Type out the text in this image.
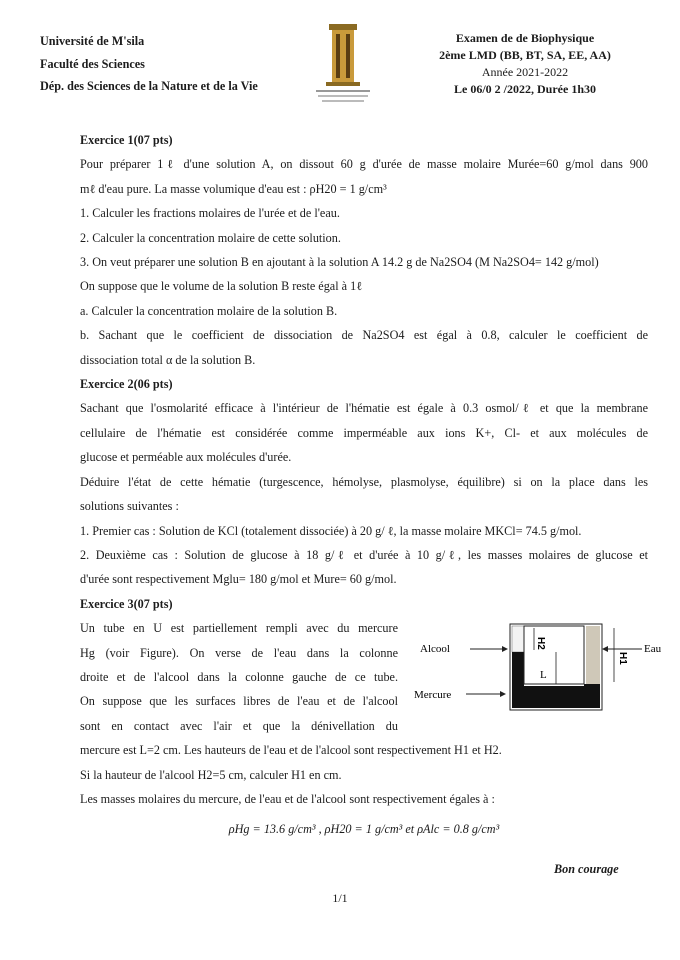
Université de M'sila
Faculté des Sciences
Dép. des Sciences de la Nature et de la Vie
Examen de de Biophysique
2ème LMD (BB, BT, SA, EE, AA)
Année 2021-2022
Le 06/0 2 /2022, Durée 1h30

Exercice 1(07 pts)

Pour préparer 1ℓ d'une solution A, on dissout 60 g d'urée de masse molaire Murée=60 g/mol dans 900

mℓ d'eau pure. La masse volumique d'eau est : ρH20 = 1 g/cm³

1. Calculer les fractions molaires de l'urée et de l'eau.

2. Calculer la concentration molaire de cette solution.

3. On veut préparer une solution B en ajoutant à la solution A 14.2 g de Na2SO4 (M Na2SO4= 142 g/mol)

On suppose que le volume de la solution B reste égal à 1ℓ

a. Calculer la concentration molaire de la solution B.

b. Sachant que le coefficient de dissociation de Na2SO4 est égal à 0.8, calculer le coefficient de

dissociation total α de la solution B.

Exercice 2(06 pts)

Sachant que l'osmolarité efficace à l'intérieur de l'hématie est égale à 0.3 osmol/ℓ et que la membrane

cellulaire de l'hématie est considérée comme imperméable aux ions K+, Cl- et aux molécules de

glucose et perméable aux molécules d'urée.

Déduire l'état de cette hématie (turgescence, hémolyse, plasmolyse, équilibre) si on la place dans les

solutions suivantes :

1. Premier cas : Solution de KCl (totalement dissociée) à 20 g/ ℓ, la masse molaire MKCl= 74.5 g/mol.

2. Deuxième cas : Solution de glucose à 18 g/ℓ et d'urée à 10 g/ℓ, les masses molaires de glucose et

d'urée sont respectivement Mglu= 180 g/mol et Mure= 60 g/mol.

Exercice 3(07 pts)

Un tube en U est partiellement rempli avec du mercure

Hg (voir Figure). On verse de l'eau dans la colonne

droite et de l'alcool dans la colonne gauche de ce tube.

On suppose que les surfaces libres de l'eau et de l'alcool

sont en contact avec l'air et que la dénivellation du

mercure est L=2 cm. Les hauteurs de l'eau et de l'alcool sont respectivement H1 et H2.

Si la hauteur de l'alcool H2=5 cm, calculer H1 en cm.

Les masses molaires du mercure, de l'eau et de l'alcool sont respectivement égales à :

ρHg = 13.6 g/cm³ , ρH20 = 1 g/cm³ et ρAlc = 0.8 g/cm³

Alcool
Mercure
Eau
H2
L
H1
Bon courage
1/1
